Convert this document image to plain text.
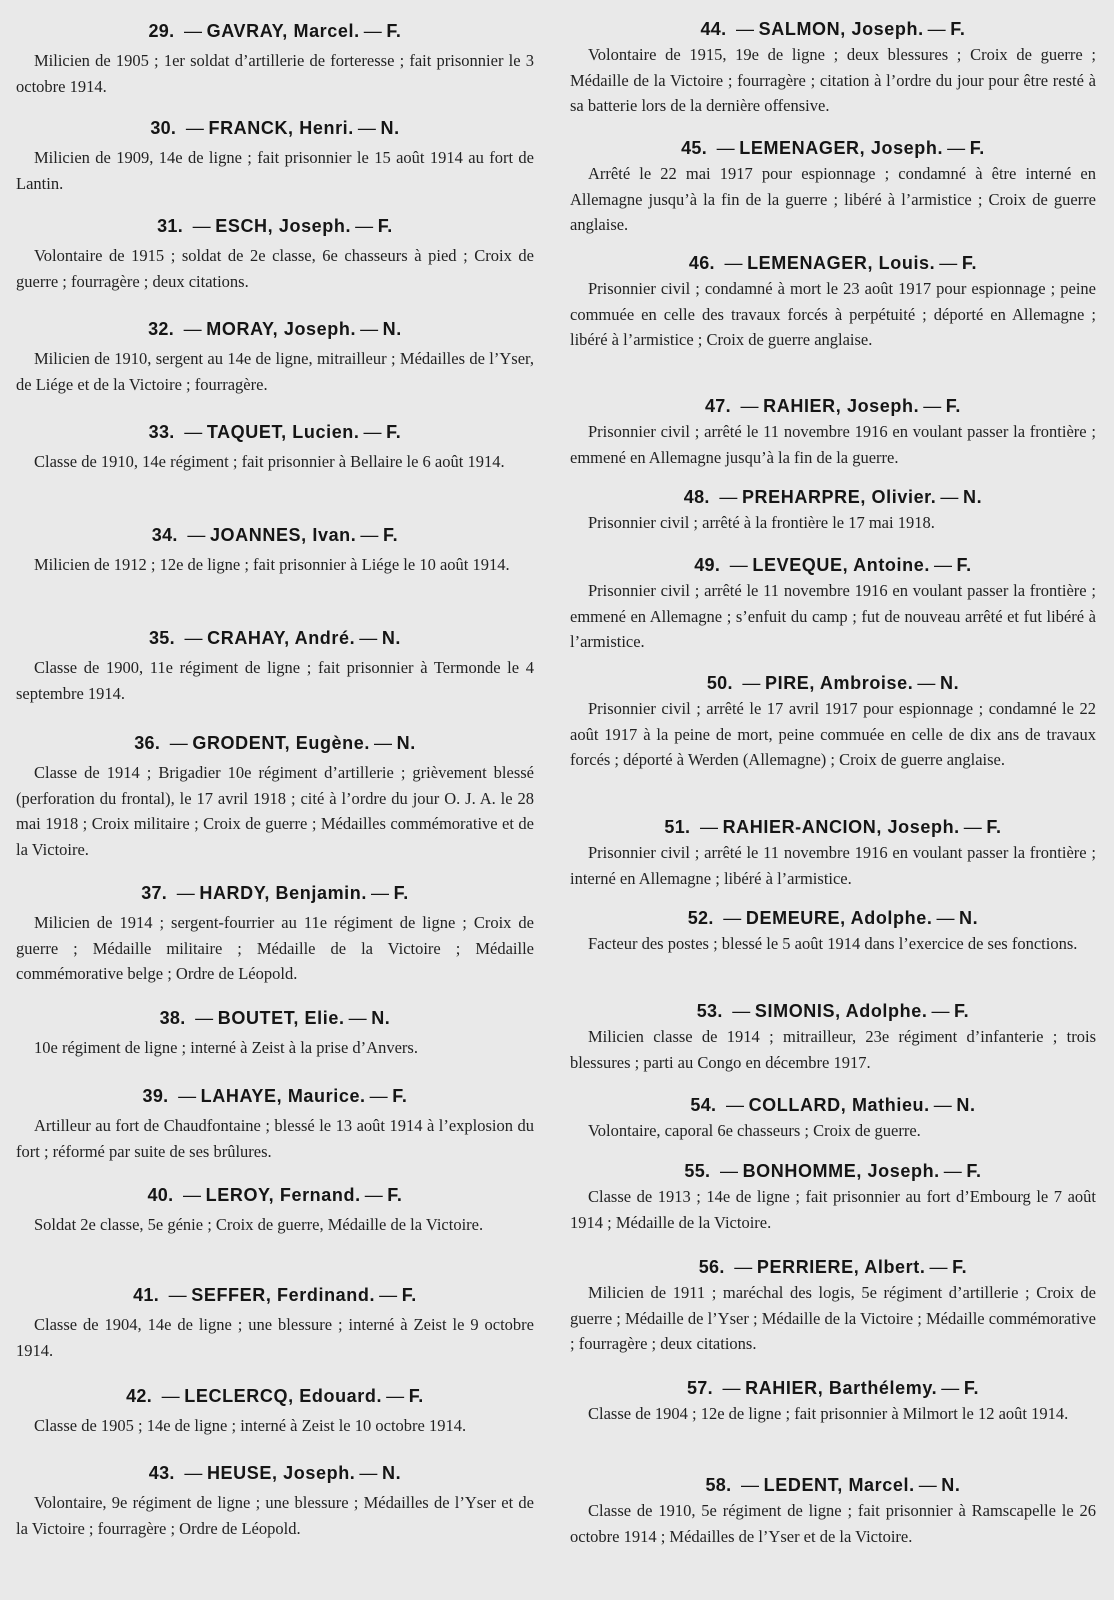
29. — GAVRAY, Marcel. — F.
Milicien de 1905 ; 1er soldat d’artillerie de forteresse ; fait prisonnier le 3 octobre 1914.
30. — FRANCK, Henri. — N.
Milicien de 1909, 14e de ligne ; fait prisonnier le 15 août 1914 au fort de Lantin.
31. — ESCH, Joseph. — F.
Volontaire de 1915 ; soldat de 2e classe, 6e chasseurs à pied ; Croix de guerre ; fourragère ; deux citations.
32. — MORAY, Joseph. — N.
Milicien de 1910, sergent au 14e de ligne, mitrailleur ; Médailles de l’Yser, de Liége et de la Victoire ; fourragère.
33. — TAQUET, Lucien. — F.
Classe de 1910, 14e régiment ; fait prisonnier à Bellaire le 6 août 1914.
34. — JOANNES, Ivan. — F.
Milicien de 1912 ; 12e de ligne ; fait prisonnier à Liége le 10 août 1914.
35. — CRAHAY, André. — N.
Classe de 1900, 11e régiment de ligne ; fait prisonnier à Termonde le 4 septembre 1914.
36. — GRODENT, Eugène. — N.
Classe de 1914 ; Brigadier 10e régiment d’artillerie ; grièvement blessé (perforation du frontal), le 17 avril 1918 ; cité à l’ordre du jour O. J. A. le 28 mai 1918 ; Croix militaire ; Croix de guerre ; Médailles commémorative et de la Victoire.
37. — HARDY, Benjamin. — F.
Milicien de 1914 ; sergent-fourrier au 11e régiment de ligne ; Croix de guerre ; Médaille militaire ; Médaille de la Victoire ; Médaille commémorative belge ; Ordre de Léopold.
38. — BOUTET, Elie. — N.
10e régiment de ligne ; interné à Zeist à la prise d’Anvers.
39. — LAHAYE, Maurice. — F.
Artilleur au fort de Chaudfontaine ; blessé le 13 août 1914 à l’explosion du fort ; réformé par suite de ses brûlures.
40. — LEROY, Fernand. — F.
Soldat 2e classe, 5e génie ; Croix de guerre, Médaille de la Victoire.
41. — SEFFER, Ferdinand. — F.
Classe de 1904, 14e de ligne ; une blessure ; interné à Zeist le 9 octobre 1914.
42. — LECLERCQ, Edouard. — F.
Classe de 1905 ; 14e de ligne ; interné à Zeist le 10 octobre 1914.
43. — HEUSE, Joseph. — N.
Volontaire, 9e régiment de ligne ; une blessure ; Médailles de l’Yser et de la Victoire ; fourragère ; Ordre de Léopold.
44. — SALMON, Joseph. — F.
Volontaire de 1915, 19e de ligne ; deux blessures ; Croix de guerre ; Médaille de la Victoire ; fourragère ; citation à l’ordre du jour pour être resté à sa batterie lors de la dernière offensive.
45. — LEMENAGER, Joseph. — F.
Arrêté le 22 mai 1917 pour espionnage ; condamné à être interné en Allemagne jusqu’à la fin de la guerre ; libéré à l’armistice ; Croix de guerre anglaise.
46. — LEMENAGER, Louis. — F.
Prisonnier civil ; condamné à mort le 23 août 1917 pour espionnage ; peine commuée en celle des travaux forcés à perpétuité ; déporté en Allemagne ; libéré à l’armistice ; Croix de guerre anglaise.
47. — RAHIER, Joseph. — F.
Prisonnier civil ; arrêté le 11 novembre 1916 en voulant passer la frontière ; emmené en Allemagne jusqu’à la fin de la guerre.
48. — PREHARPRE, Olivier. — N.
Prisonnier civil ; arrêté à la frontière le 17 mai 1918.
49. — LEVEQUE, Antoine. — F.
Prisonnier civil ; arrêté le 11 novembre 1916 en voulant passer la frontière ; emmené en Allemagne ; s’enfuit du camp ; fut de nouveau arrêté et fut libéré à l’armistice.
50. — PIRE, Ambroise. — N.
Prisonnier civil ; arrêté le 17 avril 1917 pour espionnage ; condamné le 22 août 1917 à la peine de mort, peine commuée en celle de dix ans de travaux forcés ; déporté à Werden (Allemagne) ; Croix de guerre anglaise.
51. — RAHIER-ANCION, Joseph. — F.
Prisonnier civil ; arrêté le 11 novembre 1916 en voulant passer la frontière ; interné en Allemagne ; libéré à l’armistice.
52. — DEMEURE, Adolphe. — N.
Facteur des postes ; blessé le 5 août 1914 dans l’exercice de ses fonctions.
53. — SIMONIS, Adolphe. — F.
Milicien classe de 1914 ; mitrailleur, 23e régiment d’infanterie ; trois blessures ; parti au Congo en décembre 1917.
54. — COLLARD, Mathieu. — N.
Volontaire, caporal 6e chasseurs ; Croix de guerre.
55. — BONHOMME, Joseph. — F.
Classe de 1913 ; 14e de ligne ; fait prisonnier au fort d’Embourg le 7 août 1914 ; Médaille de la Victoire.
56. — PERRIERE, Albert. — F.
Milicien de 1911 ; maréchal des logis, 5e régiment d’artillerie ; Croix de guerre ; Médaille de l’Yser ; Médaille de la Victoire ; Médaille commémorative ; fourragère ; deux citations.
57. — RAHIER, Barthélemy. — F.
Classe de 1904 ; 12e de ligne ; fait prisonnier à Milmort le 12 août 1914.
58. — LEDENT, Marcel. — N.
Classe de 1910, 5e régiment de ligne ; fait prisonnier à Ramscapelle le 26 octobre 1914 ; Médailles de l’Yser et de la Victoire.
